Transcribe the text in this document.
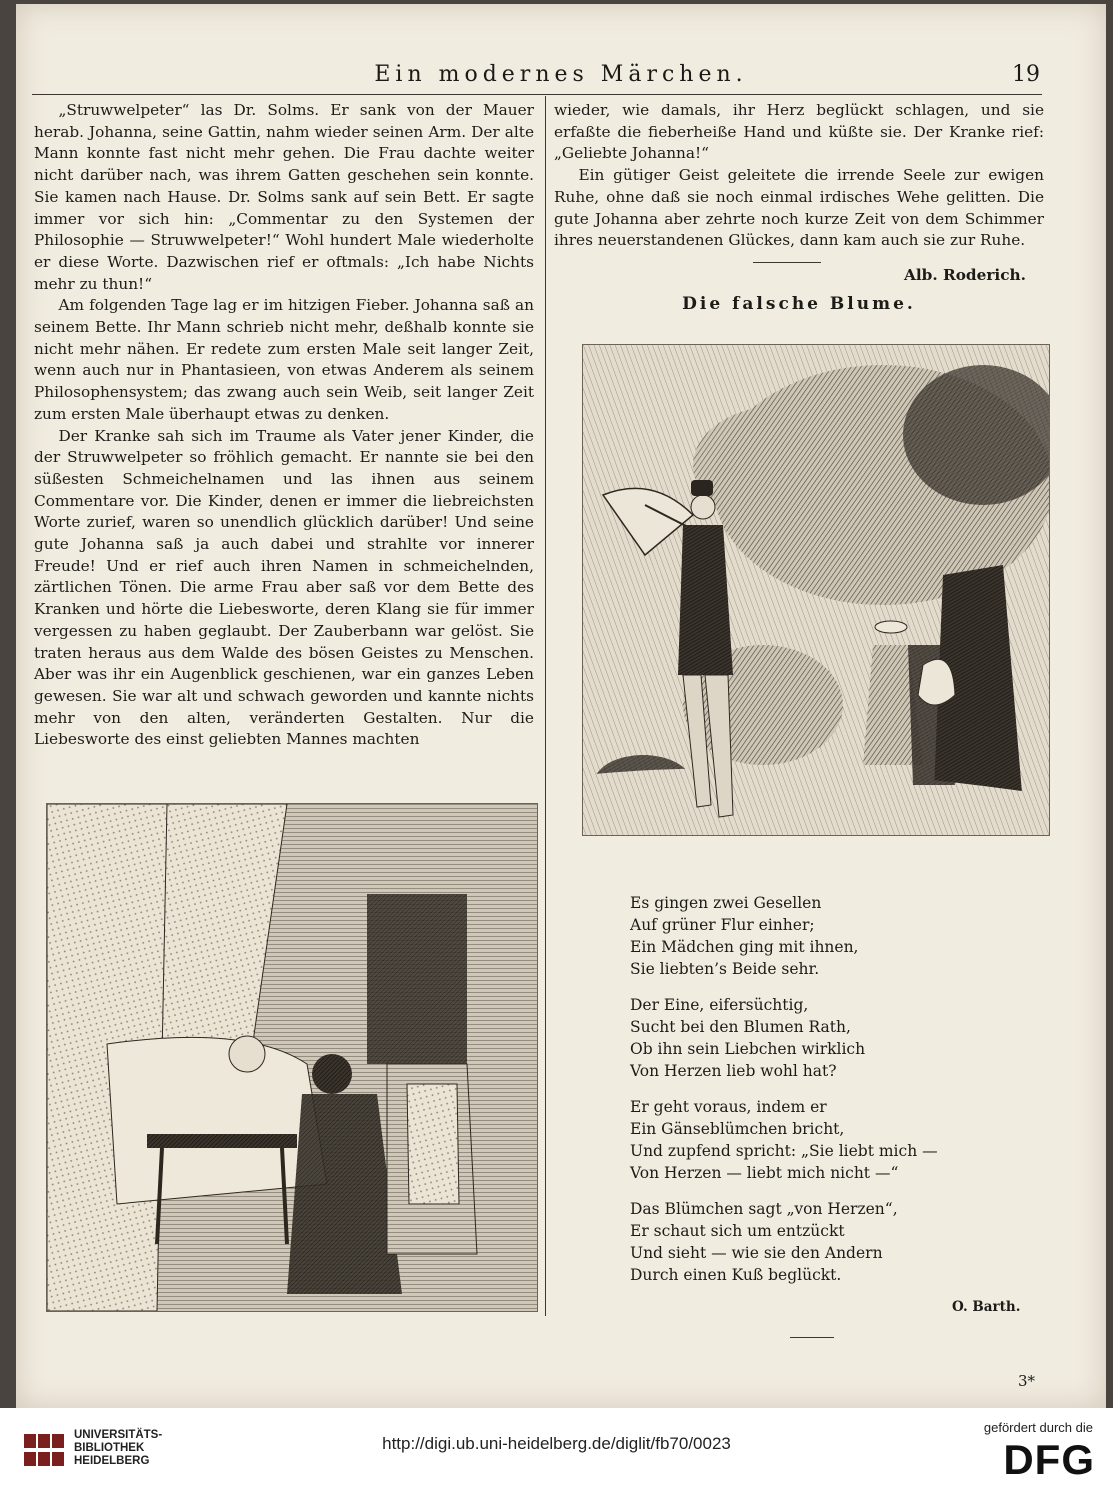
Ein modernes Märchen.	19

„Struwwelpeter“ las Dr. Solms. Er sank von der Mauer herab. Johanna, seine Gattin, nahm wieder seinen Arm. Der alte Mann konnte fast nicht mehr gehen. Die Frau dachte weiter nicht darüber nach, was ihrem Gatten geschehen sein konnte. Sie kamen nach Hause. Dr. Solms sank auf sein Bett. Er sagte immer vor sich hin: „Commentar zu den Systemen der Philosophie — Struwwelpeter!“ Wohl hundert Male wiederholte er diese Worte. Dazwischen rief er oftmals: „Ich habe Nichts mehr zu thun!“

Am folgenden Tage lag er im hitzigen Fieber. Johanna saß an seinem Bette. Ihr Mann schrieb nicht mehr, deßhalb konnte sie nicht mehr nähen. Er redete zum ersten Male seit langer Zeit, wenn auch nur in Phantasieen, von etwas Anderem als seinem Philosophensystem; das zwang auch sein Weib, seit langer Zeit zum ersten Male überhaupt etwas zu denken.

Der Kranke sah sich im Traume als Vater jener Kinder, die der Struwwelpeter so fröhlich gemacht. Er nannte sie bei den süßesten Schmeichelnamen und las ihnen aus seinem Commentare vor. Die Kinder, denen er immer die liebreichsten Worte zurief, waren so unendlich glücklich darüber! Und seine gute Johanna saß ja auch dabei und strahlte vor innerer Freude! Und er rief auch ihren Namen in schmeichelnden, zärtlichen Tönen. Die arme Frau aber saß vor dem Bette des Kranken und hörte die Liebesworte, deren Klang sie für immer vergessen zu haben geglaubt. Der Zauberbann war gelöst. Sie traten heraus aus dem Walde des bösen Geistes zu Menschen. Aber was ihr ein Augenblick geschienen, war ein ganzes Leben gewesen. Sie war alt und schwach geworden und kannte nichts mehr von den alten, veränderten Gestalten. Nur die Liebesworte des einst geliebten Mannes machten

wieder, wie damals, ihr Herz beglückt schlagen, und sie erfaßte die fieberheiße Hand und küßte sie. Der Kranke rief: „Geliebte Johanna!“

Ein gütiger Geist geleitete die irrende Seele zur ewigen Ruhe, ohne daß sie noch einmal irdisches Wehe gelitten. Die gute Johanna aber zehrte noch kurze Zeit von dem Schimmer ihres neuerstandenen Glückes, dann kam auch sie zur Ruhe.

Alb. Roderich.

Die falsche Blume.
Es gingen zwei Gesellen
Auf grüner Flur einher;
Ein Mädchen ging mit ihnen,
Sie liebten’s Beide sehr.
Der Eine, eifersüchtig,
Sucht bei den Blumen Rath,
Ob ihn sein Liebchen wirklich
Von Herzen lieb wohl hat?
Er geht voraus, indem er
Ein Gänseblümchen bricht,
Und zupfend spricht: „Sie liebt mich —
Von Herzen — liebt mich nicht —“
Das Blümchen sagt „von Herzen“,
Er schaut sich um entzückt
Und sieht — wie sie den Andern
Durch einen Kuß beglückt.
O. Barth.
3*
UNIVERSITÄTS-
BIBLIOTHEK
HEIDELBERG
http://digi.ub.uni-heidelberg.de/diglit/fb70/0023
gefördert durch die
DFG
